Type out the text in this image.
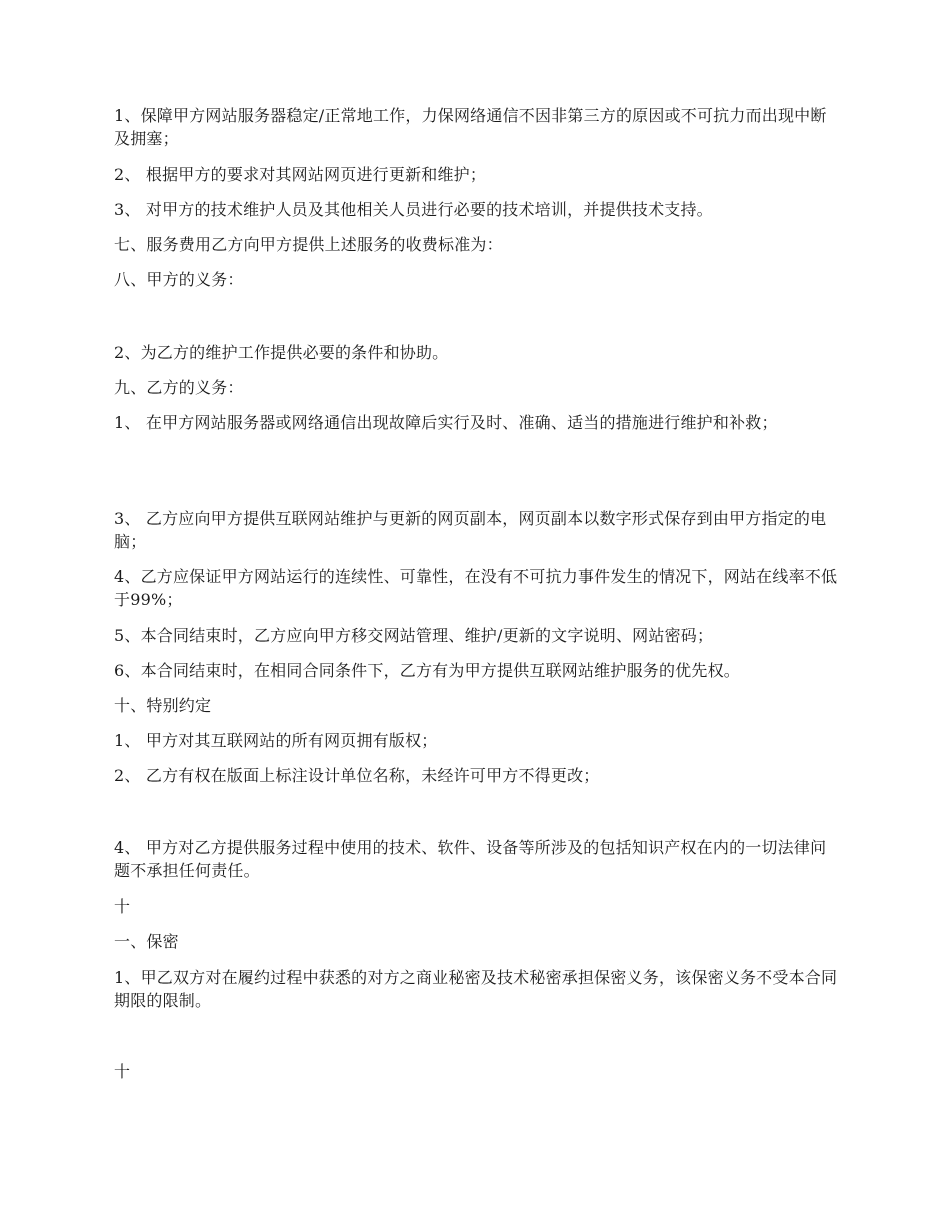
1、保障甲方网站服务器稳定/正常地工作，力保网络通信不因非第三方的原因或不可抗力而出现中断及拥塞；

2、 根据甲方的要求对其网站网页进行更新和维护；

3、 对甲方的技术维护人员及其他相关人员进行必要的技术培训，并提供技术支持。

七、服务费用乙方向甲方提供上述服务的收费标准为：

八、甲方的义务：

2、为乙方的维护工作提供必要的条件和协助。

九、乙方的义务：

1、 在甲方网站服务器或网络通信出现故障后实行及时、准确、适当的措施进行维护和补救；

3、 乙方应向甲方提供互联网站维护与更新的网页副本，网页副本以数字形式保存到由甲方指定的电脑；

4、乙方应保证甲方网站运行的连续性、可靠性，在没有不可抗力事件发生的情况下，网站在线率不低于99%；

5、本合同结束时，乙方应向甲方移交网站管理、维护/更新的文字说明、网站密码；

6、本合同结束时，在相同合同条件下，乙方有为甲方提供互联网站维护服务的优先权。

十、特别约定

1、 甲方对其互联网站的所有网页拥有版权；

2、 乙方有权在版面上标注设计单位名称，未经许可甲方不得更改；

4、 甲方对乙方提供服务过程中使用的技术、软件、设备等所涉及的包括知识产权在内的一切法律问题不承担任何责任。

十

一、保密

1、甲乙双方对在履约过程中获悉的对方之商业秘密及技术秘密承担保密义务，该保密义务不受本合同期限的限制。

十
